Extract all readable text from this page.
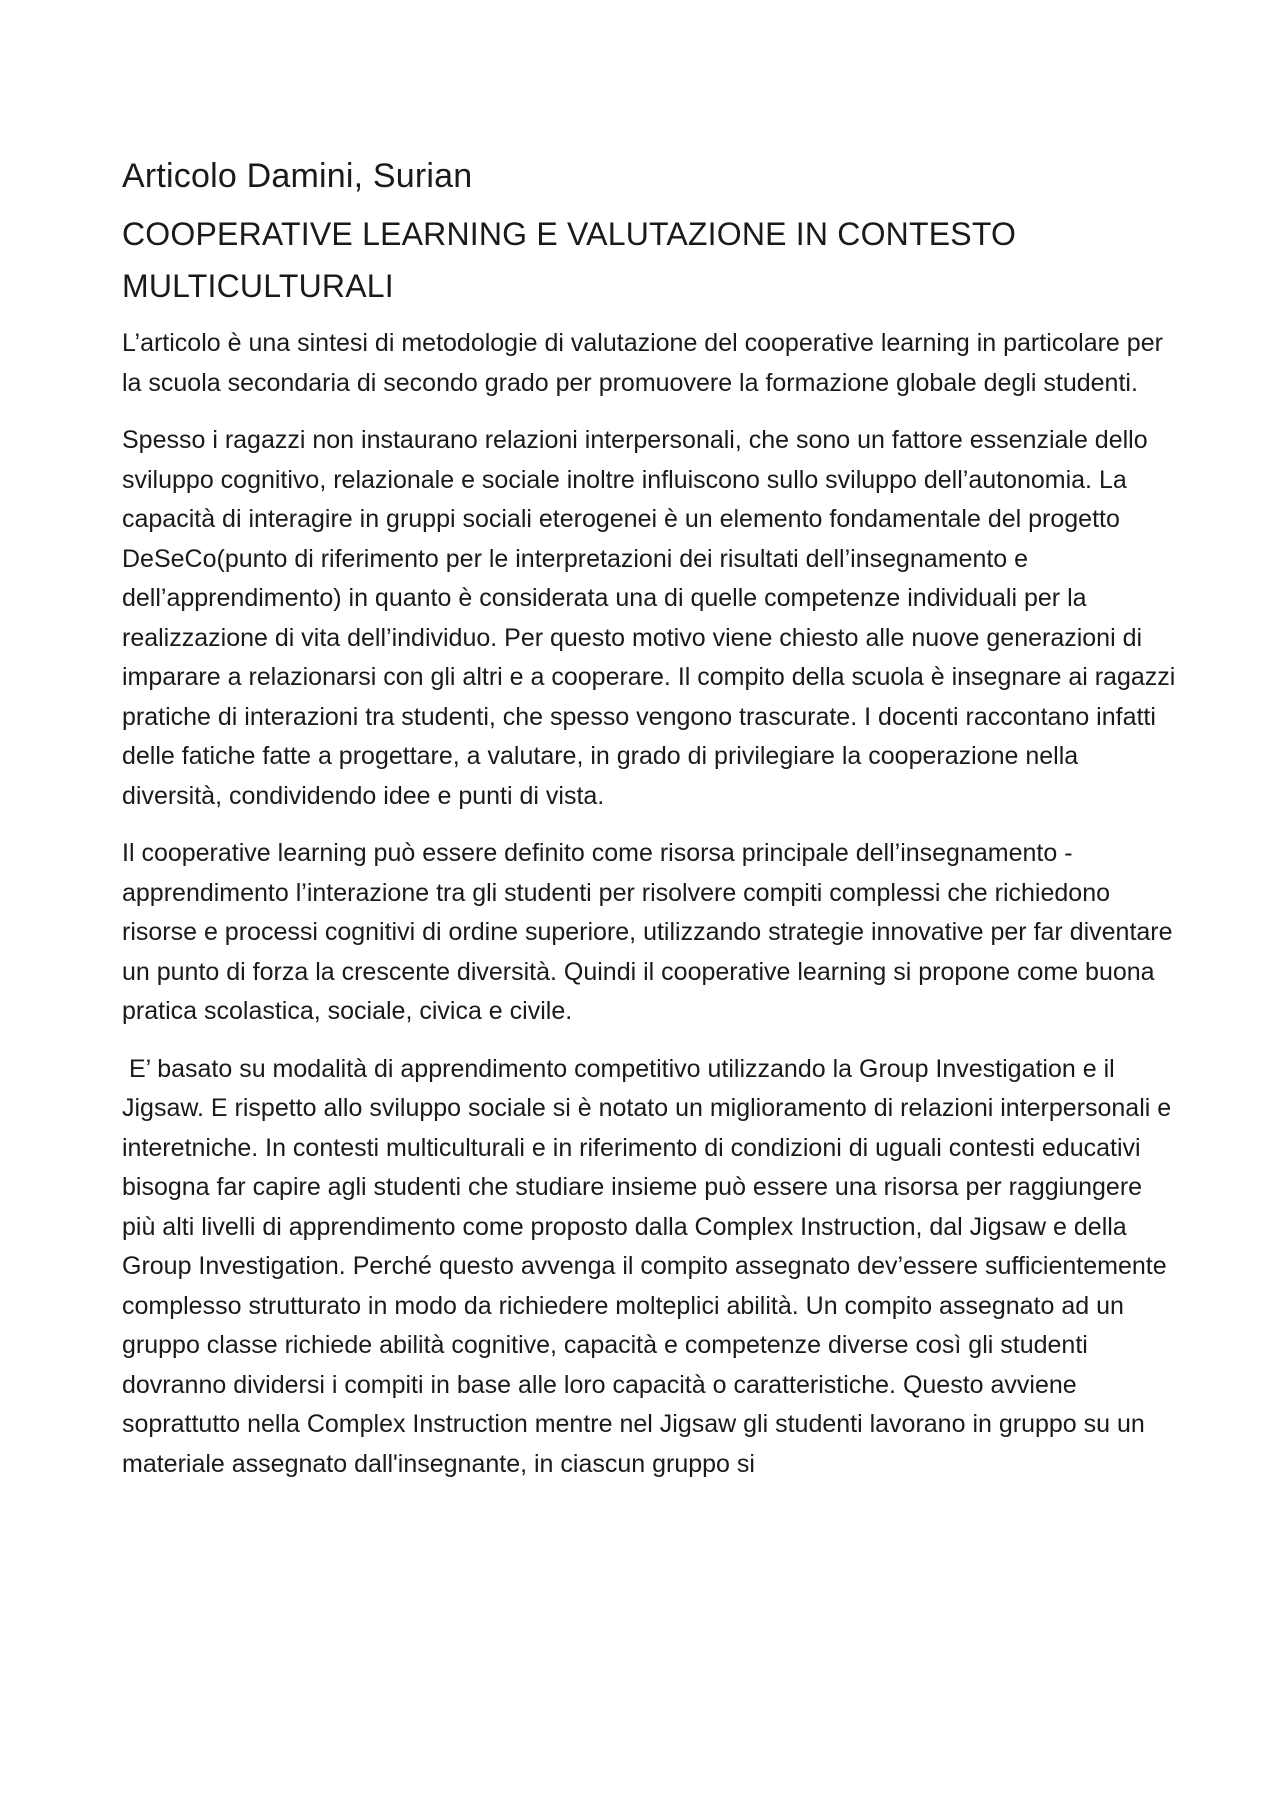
Articolo Damini, Surian
COOPERATIVE LEARNING E VALUTAZIONE IN CONTESTO MULTICULTURALI

L’articolo è una sintesi di metodologie di valutazione del cooperative learning in particolare per la scuola secondaria di secondo grado per promuovere la formazione globale degli studenti.

Spesso i ragazzi non instaurano relazioni interpersonali, che sono un fattore essenziale dello sviluppo cognitivo, relazionale e sociale inoltre influiscono sullo sviluppo dell’autonomia. La capacità di interagire in gruppi sociali eterogenei è un elemento fondamentale del progetto DeSeCo(punto di riferimento per le interpretazioni dei risultati dell’insegnamento e dell’apprendimento) in quanto è considerata una di quelle competenze individuali per la realizzazione di vita dell’individuo. Per questo motivo viene chiesto alle nuove generazioni di imparare a relazionarsi con gli altri e a cooperare. Il compito della scuola è insegnare ai ragazzi pratiche di interazioni tra studenti, che spesso vengono trascurate. I docenti raccontano infatti delle fatiche fatte a progettare, a valutare, in grado di privilegiare la cooperazione nella diversità, condividendo idee e punti di vista.

Il cooperative learning può essere definito come risorsa principale dell’insegnamento -apprendimento l’interazione tra gli studenti per risolvere compiti complessi che richiedono risorse e processi cognitivi di ordine superiore, utilizzando strategie innovative per far diventare un punto di forza la crescente diversità. Quindi il cooperative learning si propone come buona pratica scolastica, sociale, civica e civile.

E’ basato su modalità di apprendimento competitivo utilizzando la Group Investigation e il Jigsaw. E rispetto allo sviluppo sociale si è notato un miglioramento di relazioni interpersonali e interetniche. In contesti multiculturali e in riferimento di condizioni di uguali contesti educativi bisogna far capire agli studenti che studiare insieme può essere una risorsa per raggiungere più alti livelli di apprendimento come proposto dalla Complex Instruction, dal Jigsaw e della Group Investigation. Perché questo avvenga il compito assegnato dev’essere sufficientemente complesso strutturato in modo da richiedere molteplici abilità. Un compito assegnato ad un gruppo classe richiede abilità cognitive, capacità e competenze diverse così gli studenti dovranno dividersi i compiti in base alle loro capacità o caratteristiche. Questo avviene soprattutto nella Complex Instruction mentre nel Jigsaw gli studenti lavorano in gruppo su un materiale assegnato dall'insegnante, in ciascun gruppo si
